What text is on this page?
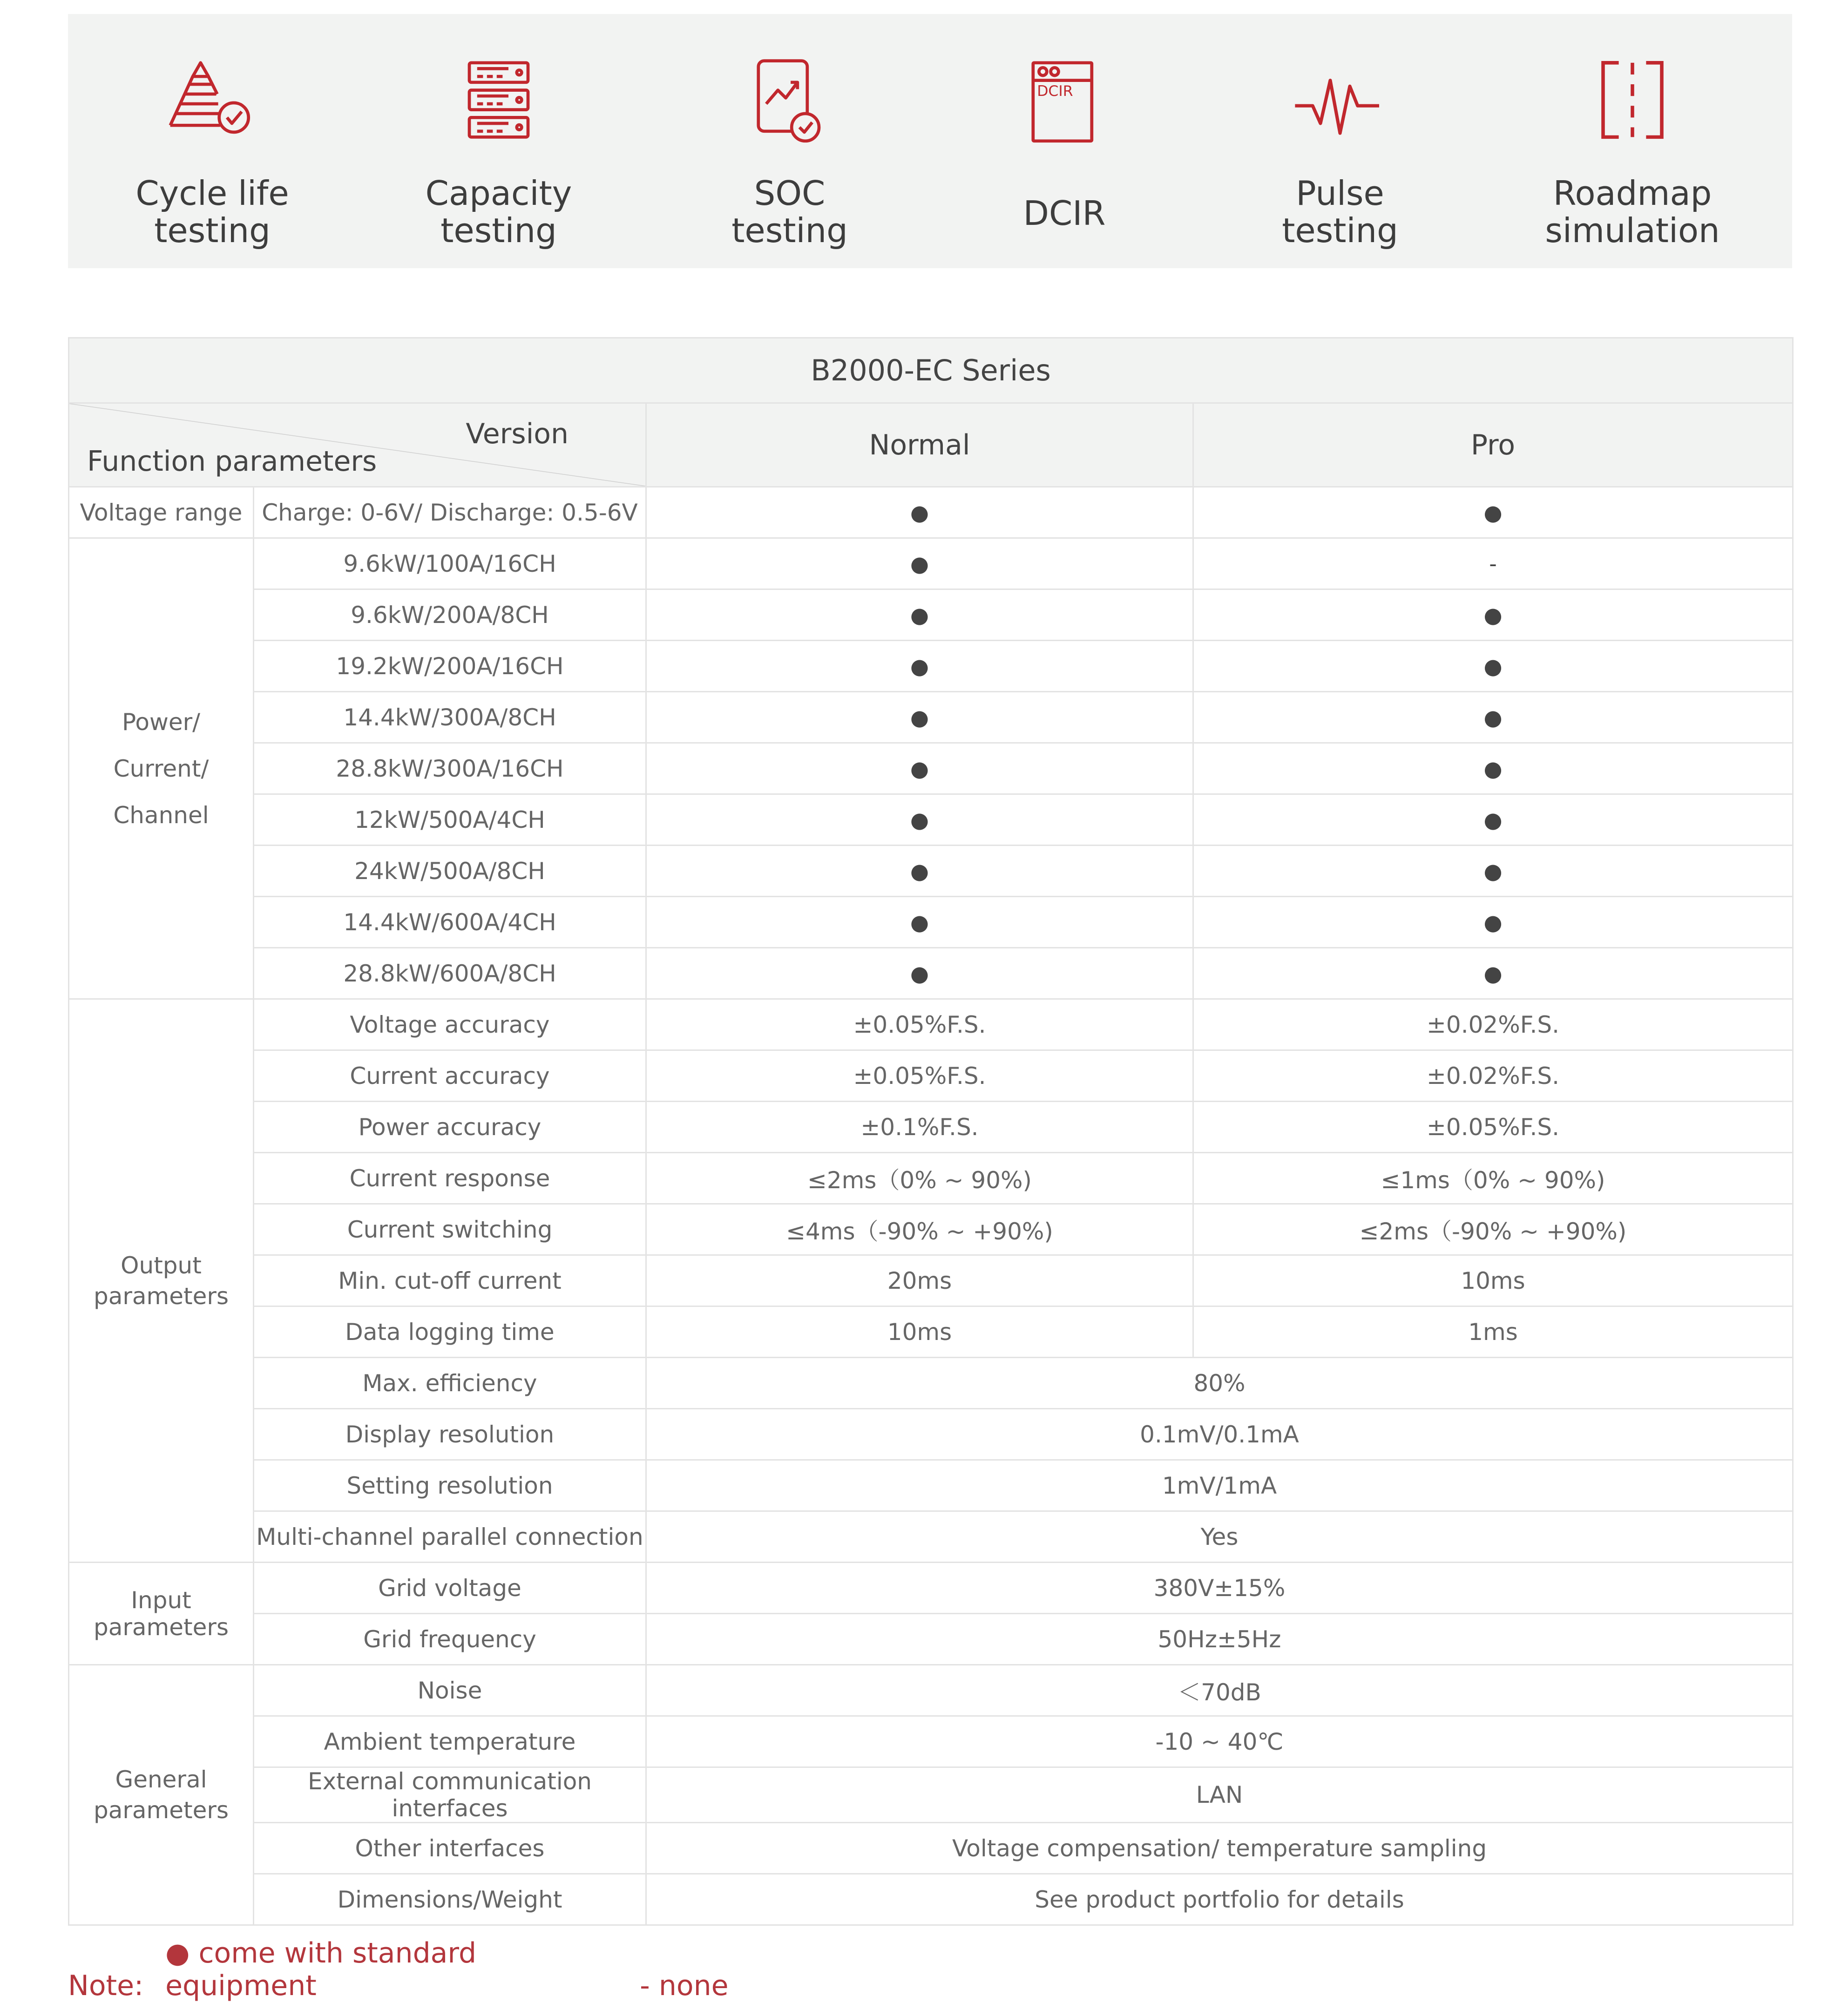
Cycle life
testing
Capacity
testing
SOC
testing
DCIR
DCIR
Pulse
testing
Roadmap
simulation
B2000-EC Series			

Version
Function parameters		Normal	Pro
Voltage range	Charge: 0-6V/ Discharge: 0.5-6V	●	●
Power/
Current/
Channel	9.6kW/100A/16CH	●	-
	9.6kW/200A/8CH	●	●
	19.2kW/200A/16CH	●	●
	14.4kW/300A/8CH	●	●
	28.8kW/300A/16CH	●	●
	12kW/500A/4CH	●	●
	24kW/500A/8CH	●	●
	14.4kW/600A/4CH	●	●
	28.8kW/600A/8CH	●	●
Output
parameters	Voltage accuracy	±0.05%F.S.	±0.02%F.S.
	Current accuracy	±0.05%F.S.	±0.02%F.S.
	Power accuracy	±0.1%F.S.	±0.05%F.S.
	Current response	≤2ms（0% ~ 90%)	≤1ms（0% ~ 90%)
	Current switching	≤4ms（-90% ~ +90%)	≤2ms（-90% ~ +90%)
	Min. cut-off current	20ms	10ms
	Data logging time	10ms	1ms
	Max. efficiency	80%	
	Display resolution	0.1mV/0.1mA	
	Setting resolution	1mV/1mA	
	Multi-channel parallel connection	Yes	
Input parameters	Grid voltage	380V±15%	
	Grid frequency	50Hz±5Hz	
General
parameters	Noise	＜70dB	
	Ambient temperature	-10 ~ 40℃	
	External communication interfaces	LAN	
	Other interfaces	Voltage compensation/ temperature sampling	
	Dimensions/Weight	See product portfolio for details	
Note: ● come with standard equipment	- none
